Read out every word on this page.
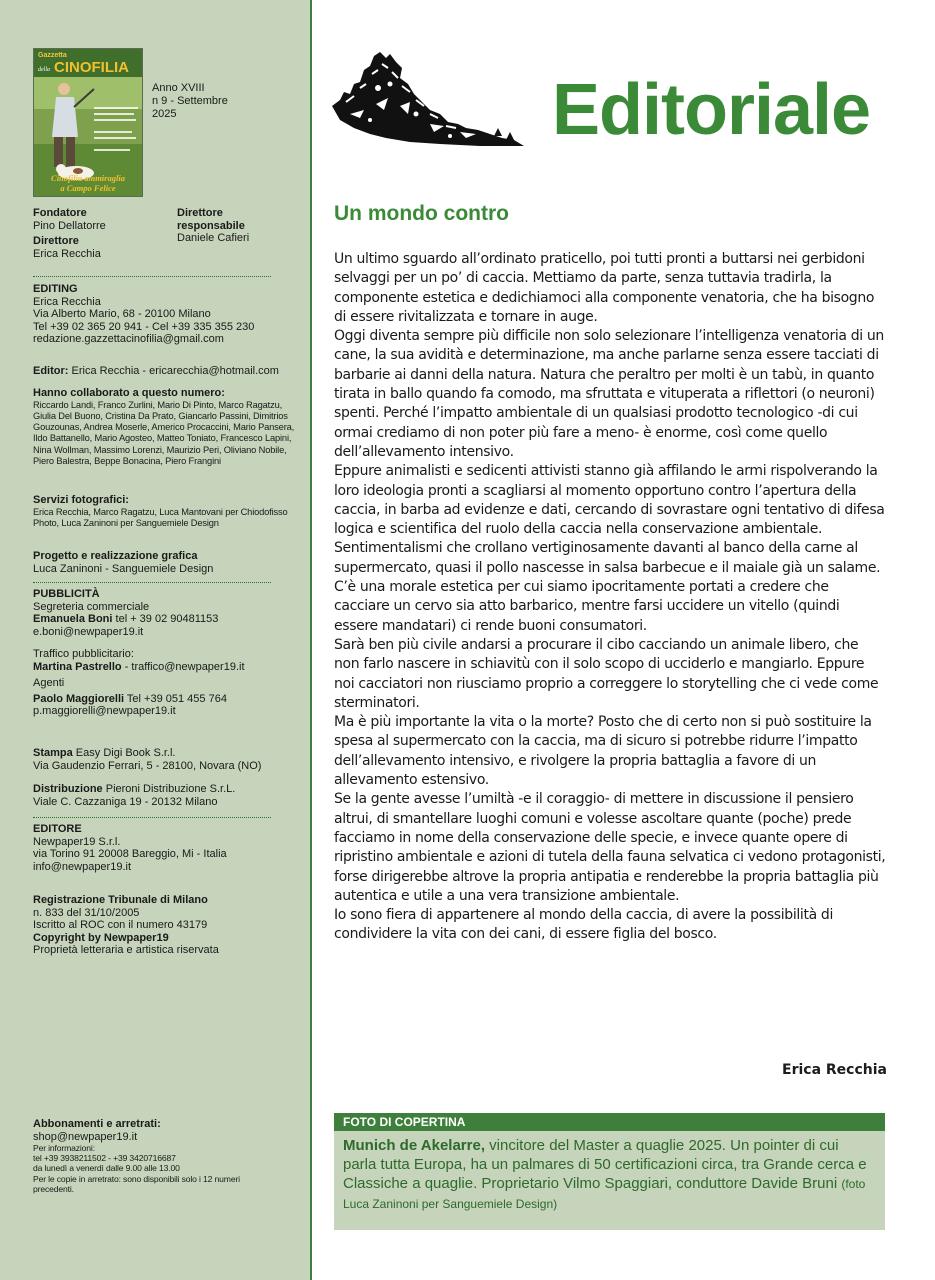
Gazzetta
della CINOFILIA
Cinofilia ammiraglia
a Campo Felice
Anno XVIII
n 9 - Settembre
2025
Fondatore
Pino Dellatorre
Direttore
Erica Recchia
Direttore
responsabile
Daniele Cafieri
EDITING
Erica Recchia
Via Alberto Mario, 68 - 20100 Milano
Tel +39 02 365 20 941 - Cel +39 335 355 230
redazione.gazzettacinofilia@gmail.com
Editor: Erica Recchia - ericarecchia@hotmail.com
Hanno collaborato a questo numero:
Riccardo Landi, Franco Zurlini, Mario Di Pinto, Marco Ragatzu,
Giulia Del Buono, Cristina Da Prato, Giancarlo Passini, Dimitrios
Gouzounas, Andrea Moserle, Americo Procaccini, Mario Pansera,
Ildo Battanello, Mario Agosteo, Matteo Toniato, Francesco Lapini,
Nina Wollman, Massimo Lorenzi, Maurizio Peri, Oliviano Nobile,
Piero Balestra, Beppe Bonacina, Piero Frangini
Servizi fotografici:
Erica Recchia, Marco Ragatzu, Luca Mantovani per Chiodofisso
Photo, Luca Zaninoni per Sanguemiele Design
Progetto e realizzazione grafica
Luca Zaninoni - Sanguemiele Design
PUBBLICITÀ
Segreteria commerciale
Emanuela Boni tel + 39 02 90481153
e.boni@newpaper19.it
Traffico pubblicitario:
Martina Pastrello - traffico@newpaper19.it
Agenti
Paolo Maggiorelli Tel +39 051 455 764
p.maggiorelli@newpaper19.it
Stampa Easy Digi Book S.r.l.
Via Gaudenzio Ferrari, 5 - 28100, Novara (NO)
Distribuzione Pieroni Distribuzione S.r.L.
Viale C. Cazzaniga 19 - 20132 Milano
EDITORE
Newpaper19 S.r.l.
via Torino 91 20008 Bareggio, Mi - Italia
info@newpaper19.it
Registrazione Tribunale di Milano
n. 833 del 31/10/2005
Iscritto al ROC con il numero 43179
Copyright by Newpaper19
Proprietà letteraria e artistica riservata
Abbonamenti e arretrati:
shop@newpaper19.it
Per informazioni:
tel +39 3938211502 - +39 3420716687
da lunedì a venerdì dalle 9.00 alle 13.00
Per le copie in arretrato: sono disponibili solo i 12 numeri
precedenti.
Editoriale
Un mondo contro

Un ultimo sguardo all’ordinato praticello, poi tutti pronti a buttarsi nei gerbidoni selvaggi per un po’ di caccia. Mettiamo da parte, senza tuttavia tradirla, la componente estetica e dedichiamoci alla componente venatoria, che ha bisogno di essere rivitalizzata e tornare in auge.

Oggi diventa sempre più difficile non solo selezionare l’intelligenza venatoria di un cane, la sua avidità e determinazione, ma anche parlarne senza essere tacciati di barbarie ai danni della natura. Natura che peraltro per molti è un tabù, in quanto tirata in ballo quando fa comodo, ma sfruttata e vituperata a riflettori (o neuroni) spenti. Perché l’impatto ambientale di un qualsiasi prodotto tecnologico -di cui ormai crediamo di non poter più fare a meno- è enorme, così come quello dell’allevamento intensivo.

Eppure animalisti e sedicenti attivisti stanno già affilando le armi rispolverando la loro ideologia pronti a scagliarsi al momento opportuno contro l’apertura della caccia, in barba ad evidenze e dati, cercando di sovrastare ogni tentativo di difesa logica e scientifica del ruolo della caccia nella conservazione ambientale. Sentimentalismi che crollano vertiginosamente davanti al banco della carne al supermercato, quasi il pollo nascesse in salsa barbecue e il maiale già un salame. C’è una morale estetica per cui siamo ipocritamente portati a credere che cacciare un cervo sia atto barbarico, mentre farsi uccidere un vitello (quindi essere mandatari) ci rende buoni consumatori.

Sarà ben più civile andarsi a procurare il cibo cacciando un animale libero, che non farlo nascere in schiavitù con il solo scopo di ucciderlo e mangiarlo. Eppure noi cacciatori non riusciamo proprio a correggere lo storytelling che ci vede come sterminatori.

Ma è più importante la vita o la morte? Posto che di certo non si può sostituire la spesa al supermercato con la caccia, ma di sicuro si potrebbe ridurre l’impatto dell’allevamento intensivo, e rivolgere la propria battaglia a favore di un allevamento estensivo.

Se la gente avesse l’umiltà -e il coraggio- di mettere in discussione il pensiero altrui, di smantellare luoghi comuni e volesse ascoltare quante (poche) prede facciamo in nome della conservazione delle specie, e invece quante opere di ripristino ambientale e azioni di tutela della fauna selvatica ci vedono protagonisti, forse dirigerebbe altrove la propria antipatia e renderebbe la propria battaglia più autentica e utile a una vera transizione ambientale.

Io sono fiera di appartenere al mondo della caccia, di avere la possibilità di condividere la vita con dei cani, di essere figlia del bosco.

Erica Recchia
FOTO DI COPERTINA
Munich de Akelarre, vincitore del Master a quaglie 2025. Un pointer di cui parla tutta Europa, ha un palmares di 50 certificazioni circa, tra Grande cerca e Classiche a quaglie. Proprietario Vilmo Spaggiari, conduttore Davide Bruni (foto Luca Zaninoni per Sanguemiele Design)
